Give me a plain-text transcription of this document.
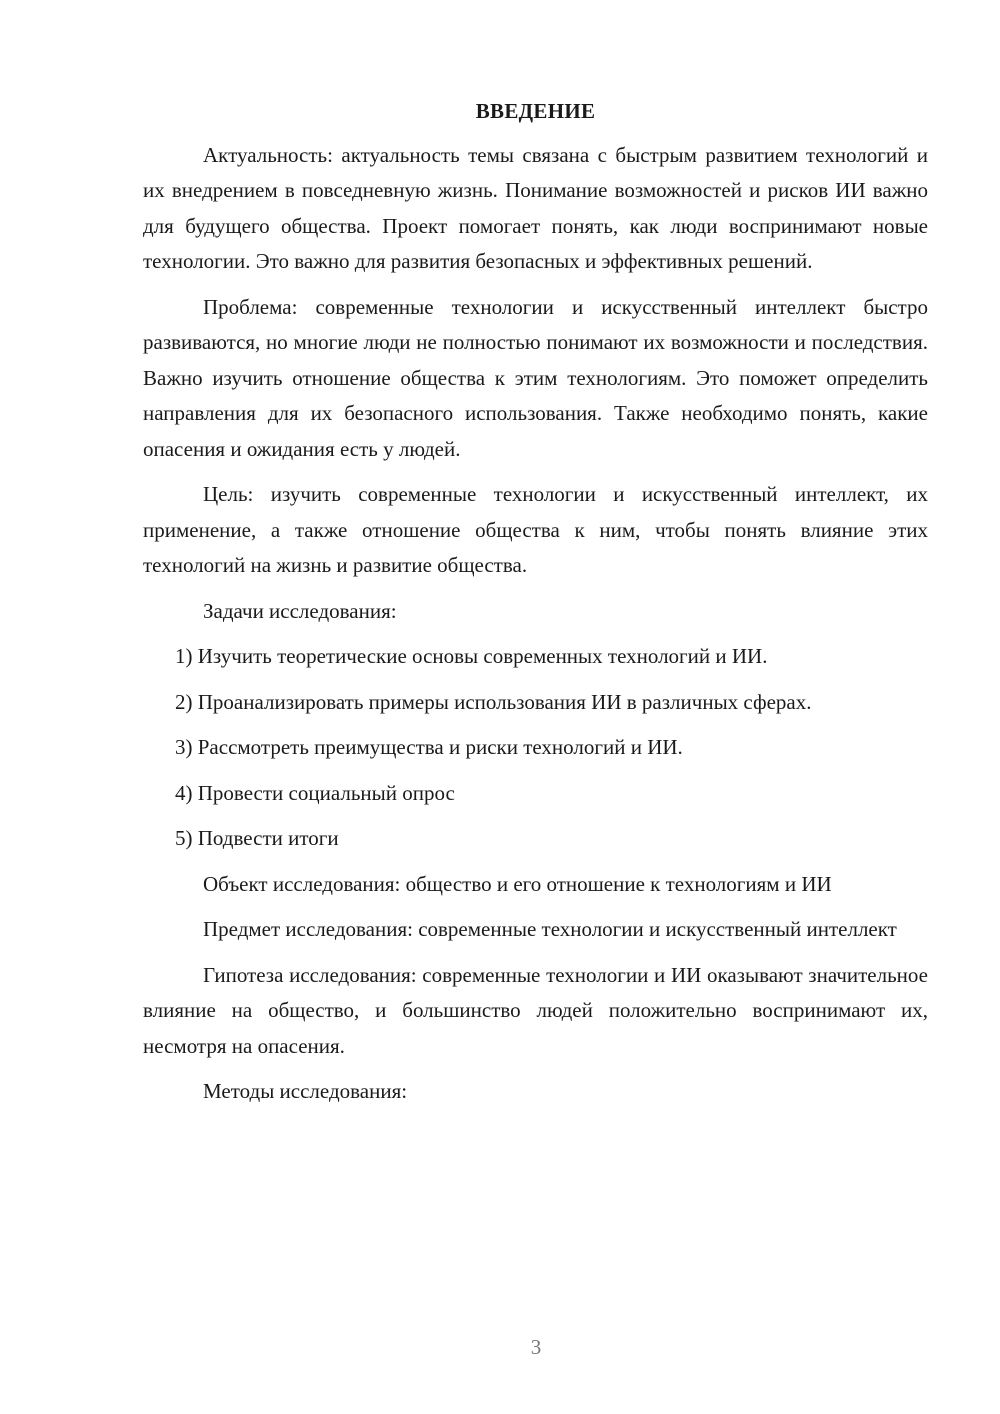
ВВЕДЕНИЕ

Актуальность: актуальность темы связана с быстрым развитием технологий и их внедрением в повседневную жизнь. Понимание возможностей и рисков ИИ важно для будущего общества. Проект помогает понять, как люди воспринимают новые технологии. Это важно для развития безопасных и эффективных решений.

Проблема: современные технологии и искусственный интеллект быстро развиваются, но многие люди не полностью понимают их возможности и последствия. Важно изучить отношение общества к этим технологиям. Это поможет определить направления для их безопасного использования. Также необходимо понять, какие опасения и ожидания есть у людей.

Цель: изучить современные технологии и искусственный интеллект, их применение, а также отношение общества к ним, чтобы понять влияние этих технологий на жизнь и развитие общества.

Задачи исследования:

1) Изучить теоретические основы современных технологий и ИИ.

2) Проанализировать примеры использования ИИ в различных сферах.

3) Рассмотреть преимущества и риски технологий и ИИ.

4) Провести социальный опрос

5) Подвести итоги

Объект исследования: общество и его отношение к технологиям и ИИ

Предмет исследования: современные технологии и искусственный интеллект

Гипотеза исследования: современные технологии и ИИ оказывают значительное влияние на общество, и большинство людей положительно воспринимают их, несмотря на опасения.

Методы исследования:

3
